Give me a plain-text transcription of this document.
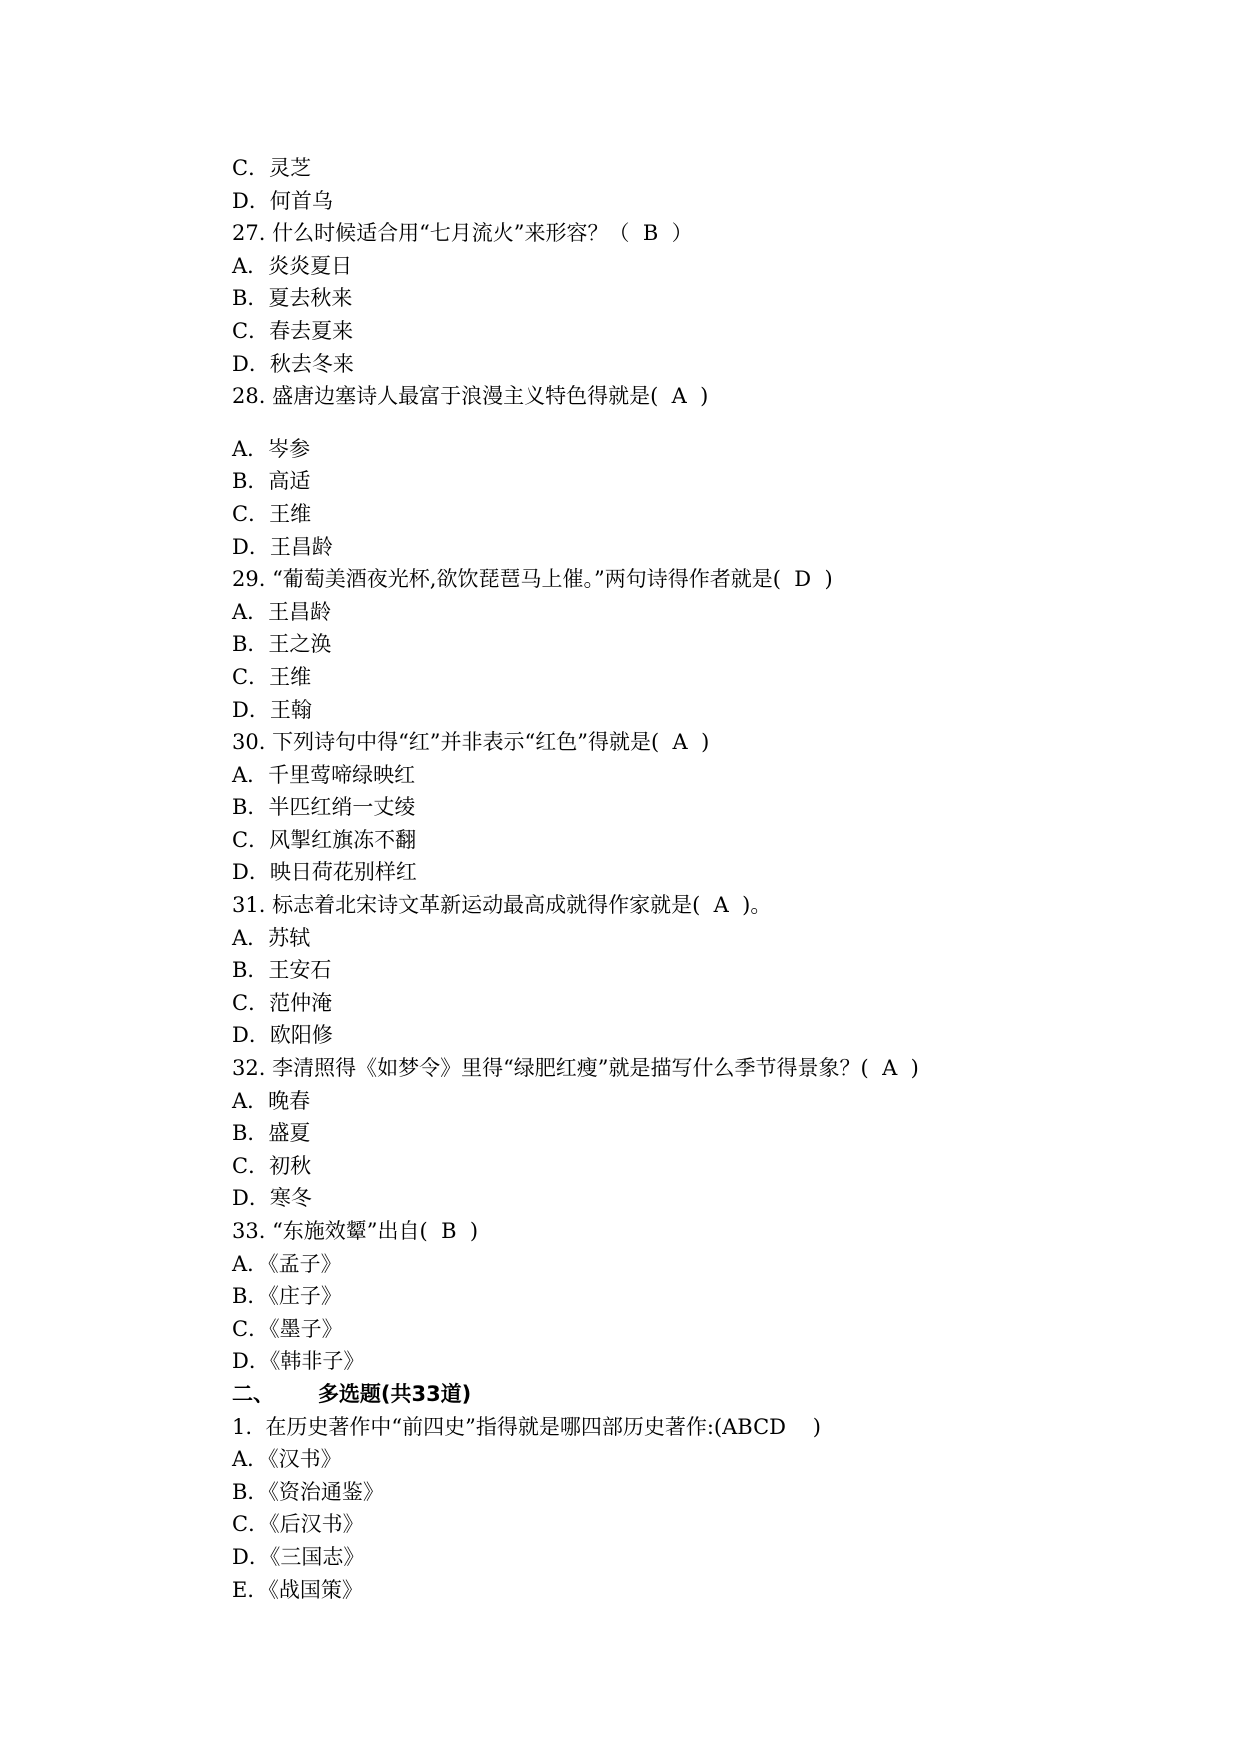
C．灵芝
D．何首乌
27. 什么时候适合用“七月流火”来形容？（  B  ）
A．炎炎夏日
B．夏去秋来
C．春去夏来
D．秋去冬来
28. 盛唐边塞诗人最富于浪漫主义特色得就是(  A  )
A．岑参
B．高适
C．王维
D．王昌龄
29. “葡萄美酒夜光杯,欲饮琵琶马上催。”两句诗得作者就是(  D  )
A．王昌龄
B．王之涣
C．王维
D．王翰
30. 下列诗句中得“红”并非表示“红色”得就是(  A  )
A．千里莺啼绿映红
B．半匹红绡一丈绫
C．风掣红旗冻不翻
D．映日荷花别样红
31. 标志着北宋诗文革新运动最高成就得作家就是(  A  )。
A．苏轼
B．王安石
C．范仲淹
D．欧阳修
32. 李清照得《如梦令》里得“绿肥红瘦”就是描写什么季节得景象？(  A  )
A．晚春
B．盛夏
C．初秋
D．寒冬
33. “东施效颦”出自(  B  )
A．《孟子》
B．《庄子》
C．《墨子》
D．《韩非子》
二、      多选题(共33道)
1.  在历史著作中“前四史”指得就是哪四部历史著作:(ABCD    )
A．《汉书》
B．《资治通鉴》
C．《后汉书》
D．《三国志》
E．《战国策》
